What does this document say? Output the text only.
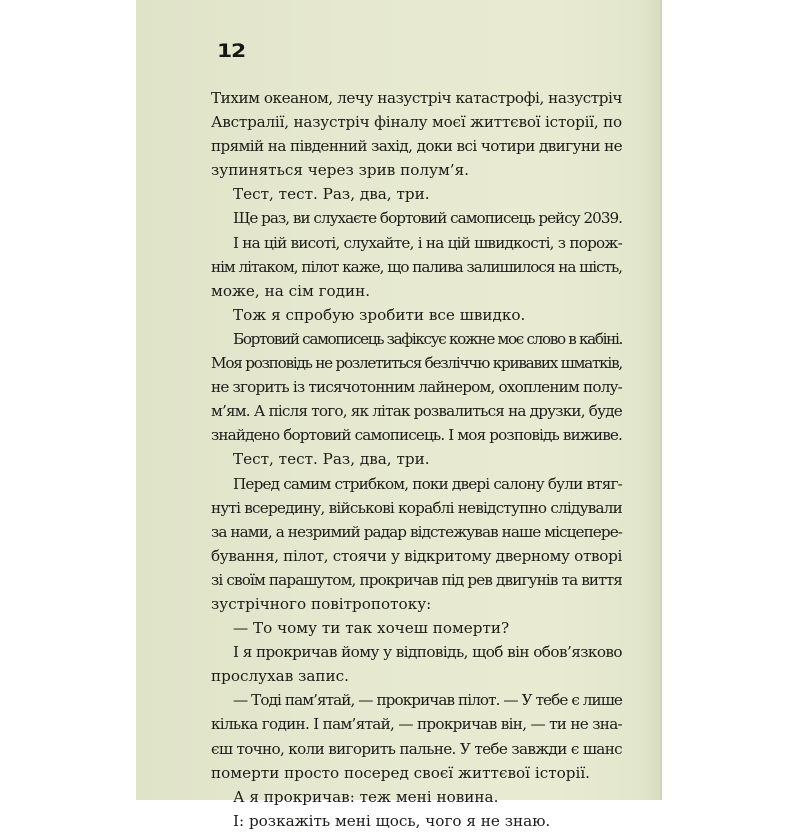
12
Тихим океаном, лечу назустріч катастрофі, назустріч
Австралії, назустріч фіналу моєї життєвої історії, по
прямій на південний захід, доки всі чотири двигуни не
зупиняться через зрив полум’я.
Тест, тест. Раз, два, три.
Ще раз, ви слухаєте бортовий самописець рейсу 2039.
І на цій висоті, слухайте, і на цій швидкості, з порож-
нім літаком, пілот каже, що палива залишилося на шість,
може, на сім годин.
Тож я спробую зробити все швидко.
Бортовий самописець зафіксує кожне моє слово в кабіні.
Моя розповідь не розлетиться безліччю кривавих шматків,
не згорить із тисячотонним лайнером, охопленим полу-
м’ям. А після того, як літак розвалиться на друзки, буде
знайдено бортовий самописець. І моя розповідь виживе.
Тест, тест. Раз, два, три.
Перед самим стрибком, поки двері салону були втяг-
нуті всередину, військові кораблі невідступно слідували
за нами, а незримий радар відстежував наше місцепере-
бування, пілот, стоячи у відкритому дверному отворі
зі своїм парашутом, прокричав під рев двигунів та виття
зустрічного повітропотоку:
— То чому ти так хочеш померти?
І я прокричав йому у відповідь, щоб він обов’язково
прослухав запис.
— Тоді пам’ятай, — прокричав пілот. — У тебе є лише
кілька годин. І пам’ятай, — прокричав він, — ти не зна-
єш точно, коли вигорить пальне. У тебе завжди є шанс
померти просто посеред своєї життєвої історії.
А я прокричав: теж мені новина.
І: розкажіть мені щось, чого я не знаю.
